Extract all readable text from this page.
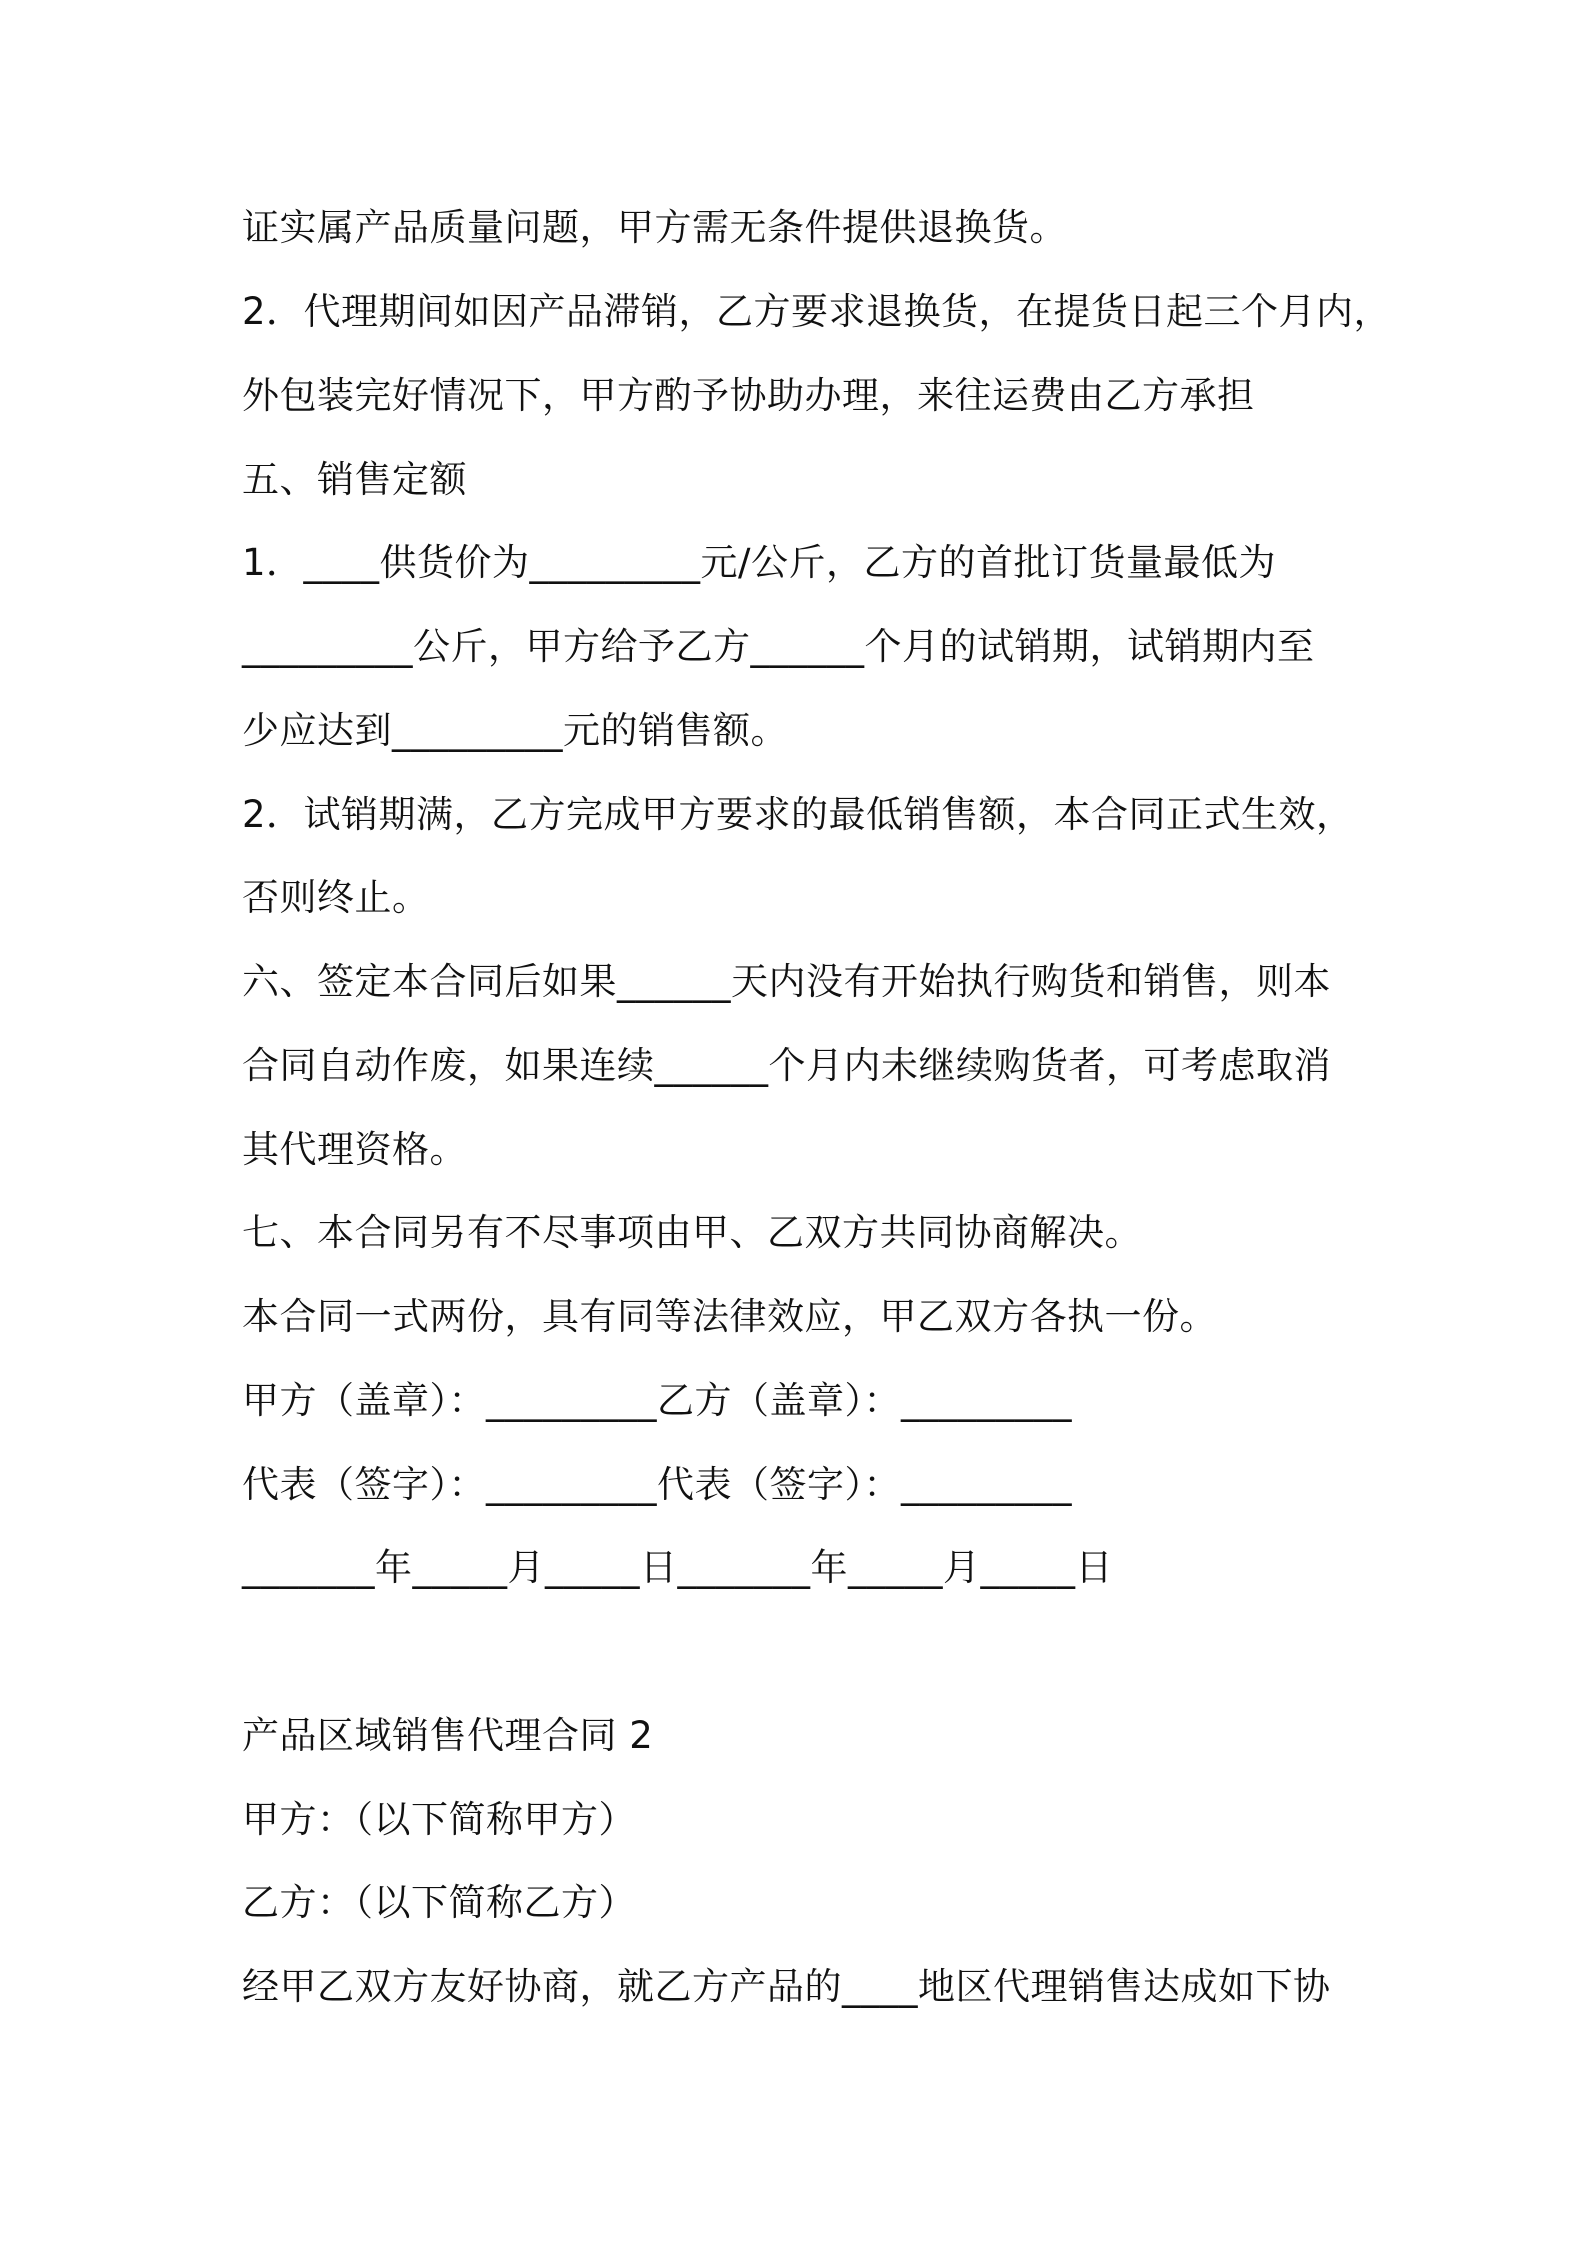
证实属产品质量问题，甲方需无条件提供退换货。

2．代理期间如因产品滞销，乙方要求退换货，在提货日起三个月内，

外包装完好情况下，甲方酌予协助办理，来往运费由乙方承担

五、销售定额

1．____供货价为_________元/公斤，乙方的首批订货量最低为

_________公斤，甲方给予乙方______个月的试销期，试销期内至

少应达到_________元的销售额。

2．试销期满，乙方完成甲方要求的最低销售额，本合同正式生效，

否则终止。

六、签定本合同后如果______天内没有开始执行购货和销售，则本

合同自动作废，如果连续______个月内未继续购货者，可考虑取消

其代理资格。

七、本合同另有不尽事项由甲、乙双方共同协商解决。

本合同一式两份，具有同等法律效应，甲乙双方各执一份。

甲方（盖章）：_________乙方（盖章）：_________

代表（签字）：_________代表（签字）：_________

_______年_____月_____日_______年_____月_____日

产品区域销售代理合同 2

甲方：（以下简称甲方）

乙方：（以下简称乙方）

经甲乙双方友好协商，就乙方产品的____地区代理销售达成如下协
